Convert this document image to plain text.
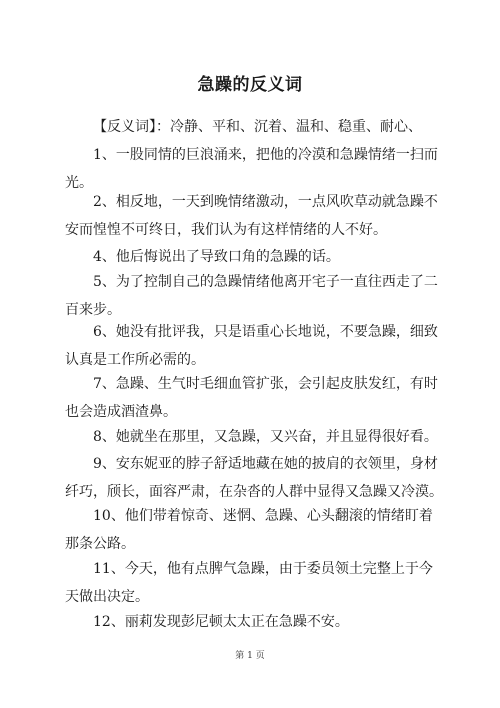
急躁的反义词
【反义词】：冷静、平和、沉着、温和、稳重、耐心、
1、一股同情的巨浪涌来，把他的冷漠和急躁情绪一扫而光。
2、相反地，一天到晚情绪激动，一点风吹草动就急躁不安而惶惶不可终日，我们认为有这样情绪的人不好。
4、他后悔说出了导致口角的急躁的话。
5、为了控制自己的急躁情绪他离开宅子一直往西走了二百来步。
6、她没有批评我，只是语重心长地说，不要急躁，细致认真是工作所必需的。
7、急躁、生气时毛细血管扩张，会引起皮肤发红，有时也会造成酒渣鼻。
8、她就坐在那里，又急躁，又兴奋，并且显得很好看。
9、安东妮亚的脖子舒适地藏在她的披肩的衣领里，身材纤巧，颀长，面容严肃，在杂沓的人群中显得又急躁又冷漠。
10、他们带着惊奇、迷惘、急躁、心头翻滚的情绪盯着那条公路。
11、今天，他有点脾气急躁，由于委员领土完整上于今天做出决定。
12、丽莉发现彭尼顿太太正在急躁不安。
第 1 页
